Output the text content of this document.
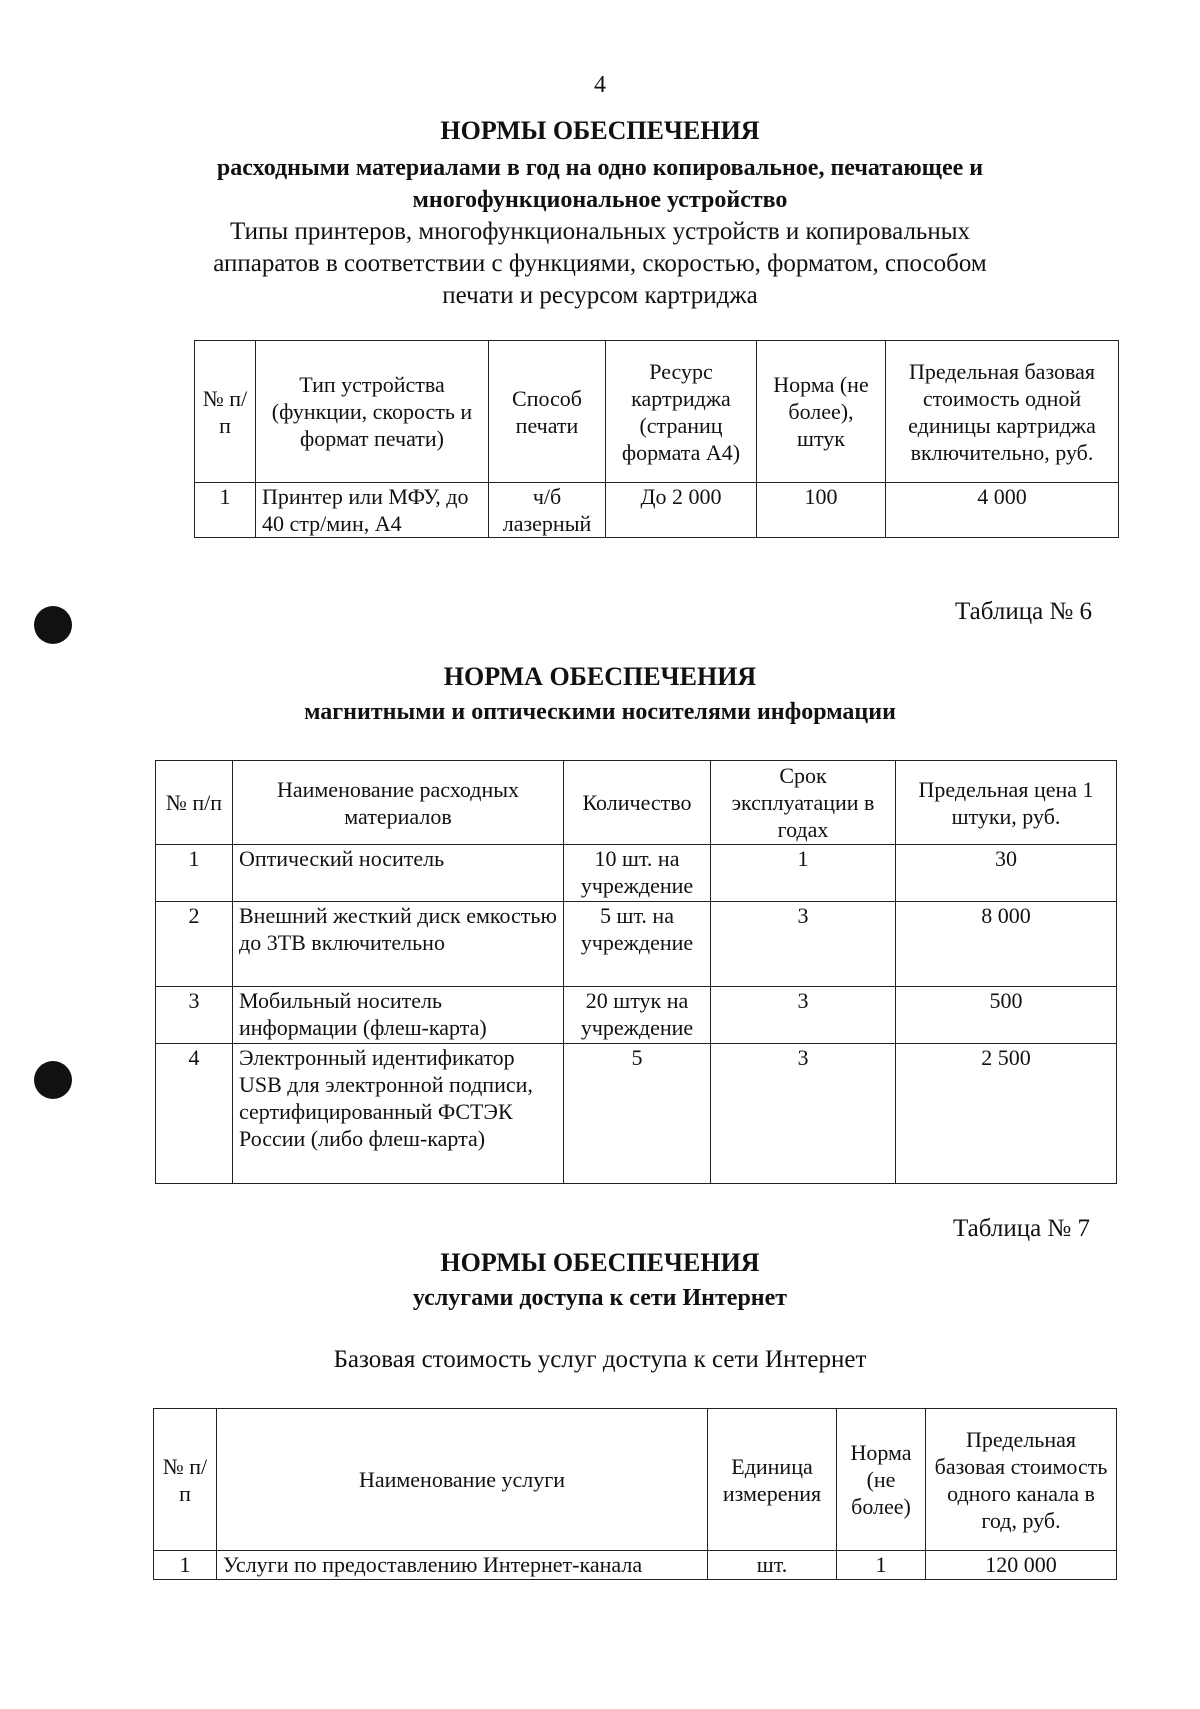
4
НОРМЫ ОБЕСПЕЧЕНИЯ
расходными материалами в год на одно копировальное, печатающее и
многофункциональное устройство
Типы принтеров, многофункциональных устройств и копировальных
аппаратов в соответствии с функциями, скоростью, форматом, способом
печати и ресурсом картриджа
№ п/п	Тип устройства (функции, скорость и формат печати)	Способ печати	Ресурс картриджа (страниц формата А4)	Норма (не более), штук	Предельная базовая стоимость одной единицы картриджа включительно, руб.
1	Принтер или МФУ, до 40 стр/мин, А4	ч/б лазерный	До 2 000	100	4 000
Таблица № 6
НОРМА ОБЕСПЕЧЕНИЯ
магнитными и оптическими носителями информации
№ п/п	Наименование расходных материалов	Количество	Срок эксплуатации в годах	Предельная цена 1 штуки, руб.
1	Оптический носитель	10 шт. на учреждение	1	30
2	Внешний жесткий диск емкостью до 3ТВ включительно	5 шт. на учреждение	3	8 000
3	Мобильный носитель информации (флеш-карта)	20 штук на учреждение	3	500
4	Электронный идентификатор USB для электронной подписи, сертифицированный ФСТЭК России (либо флеш-карта)	5	3	2 500
Таблица № 7
НОРМЫ ОБЕСПЕЧЕНИЯ
услугами доступа к сети Интернет
Базовая стоимость услуг доступа к сети Интернет
№ п/п	Наименование услуги	Единица измерения	Норма (не более)	Предельная базовая стоимость одного канала в год, руб.
1	Услуги по предоставлению Интернет-канала	шт.	1	120 000
